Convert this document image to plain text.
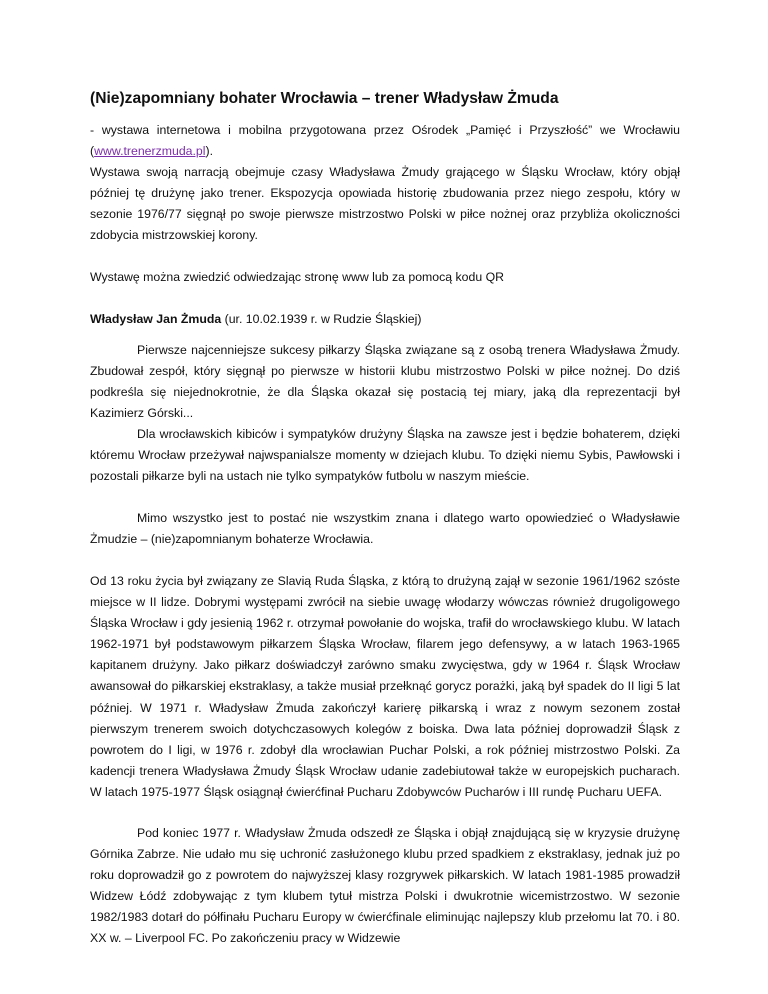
(Nie)zapomniany bohater Wrocławia – trener Władysław Żmuda

- wystawa internetowa i mobilna przygotowana przez Ośrodek „Pamięć i Przyszłość” we Wrocławiu (www.trenerzmuda.pl).

Wystawa swoją narracją obejmuje czasy Władysława Żmudy grającego w Śląsku Wrocław, który objął później tę drużynę jako trener. Ekspozycja opowiada historię zbudowania przez niego zespołu, który w sezonie 1976/77 sięgnął po swoje pierwsze mistrzostwo Polski w piłce nożnej oraz przybliża okoliczności zdobycia mistrzowskiej korony.

Wystawę można zwiedzić odwiedzając stronę www lub za pomocą kodu QR

Władysław Jan Żmuda (ur. 10.02.1939 r. w Rudzie Śląskiej)

Pierwsze najcenniejsze sukcesy piłkarzy Śląska związane są z osobą trenera Władysława Żmudy. Zbudował zespół, który sięgnął po pierwsze w historii klubu mistrzostwo Polski w piłce nożnej. Do dziś podkreśla się niejednokrotnie, że dla Śląska okazał się postacią tej miary, jaką dla reprezentacji był Kazimierz Górski...

Dla wrocławskich kibiców i sympatyków drużyny Śląska na zawsze jest i będzie bohaterem, dzięki któremu Wrocław przeżywał najwspanialsze momenty w dziejach klubu. To dzięki niemu Sybis, Pawłowski i pozostali piłkarze byli na ustach nie tylko sympatyków futbolu w naszym mieście.

Mimo wszystko jest to postać nie wszystkim znana i dlatego warto opowiedzieć o Władysławie Żmudzie – (nie)zapomnianym bohaterze Wrocławia.

Od 13 roku życia był związany ze Slavią Ruda Śląska, z którą to drużyną zajął w sezonie 1961/1962 szóste miejsce w II lidze. Dobrymi występami zwrócił na siebie uwagę włodarzy wówczas również drugoligowego Śląska Wrocław i gdy jesienią 1962 r. otrzymał powołanie do wojska, trafił do wrocławskiego klubu. W latach 1962-1971 był podstawowym piłkarzem Śląska Wrocław, filarem jego defensywy, a w latach 1963-1965 kapitanem drużyny. Jako piłkarz doświadczył zarówno smaku zwycięstwa, gdy w 1964 r. Śląsk Wrocław awansował do piłkarskiej ekstraklasy, a także musiał przełknąć gorycz porażki, jaką był spadek do II ligi 5 lat później. W 1971 r. Władysław Żmuda zakończył karierę piłkarską i wraz z nowym sezonem został pierwszym trenerem swoich dotychczasowych kolegów z boiska. Dwa lata później doprowadził Śląsk z powrotem do I ligi, w 1976 r. zdobył dla wrocławian Puchar Polski, a rok później mistrzostwo Polski. Za kadencji trenera Władysława Żmudy Śląsk Wrocław udanie zadebiutował także w europejskich pucharach. W latach 1975-1977 Śląsk osiągnął ćwierćfinał Pucharu Zdobywców Pucharów i III rundę Pucharu UEFA.

Pod koniec 1977 r. Władysław Żmuda odszedł ze Śląska i objął znajdującą się w kryzysie drużynę Górnika Zabrze. Nie udało mu się uchronić zasłużonego klubu przed spadkiem z ekstraklasy, jednak już po roku doprowadził go z powrotem do najwyższej klasy rozgrywek piłkarskich. W latach 1981-1985 prowadził Widzew Łódź zdobywając z tym klubem tytuł mistrza Polski i dwukrotnie wicemistrzostwo. W sezonie 1982/1983 dotarł do półfinału Pucharu Europy w ćwierćfinale eliminując najlepszy klub przełomu lat 70. i 80. XX w. – Liverpool FC. Po zakończeniu pracy w Widzewie
